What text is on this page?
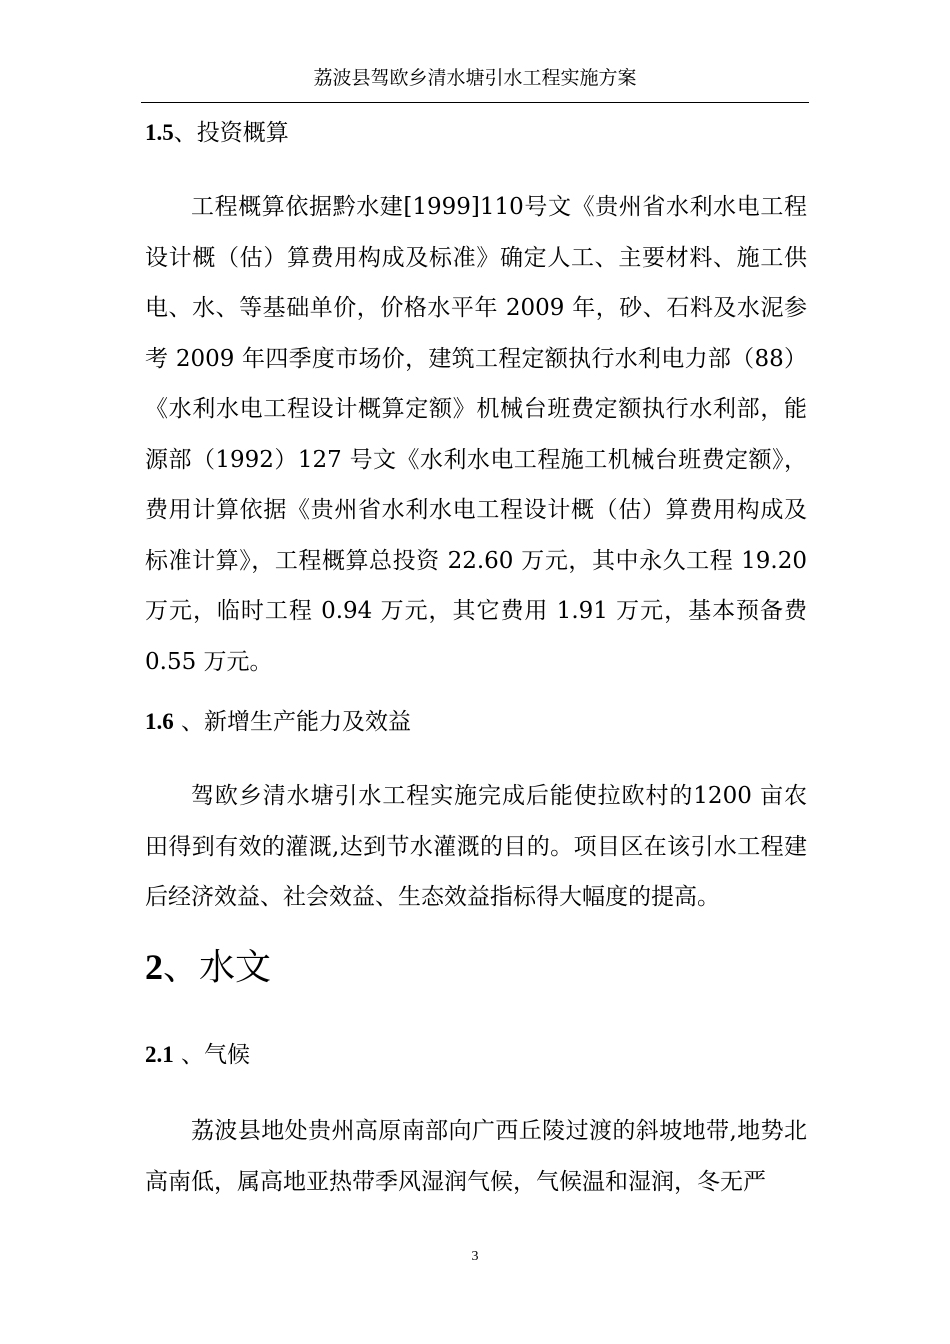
荔波县驾欧乡清水塘引水工程实施方案
1.5、投资概算
工程概算依据黔水建[1999]110号文《贵州省水利水电工程设计概（估）算费用构成及标准》确定人工、主要材料、施工供电、水、等基础单价，价格水平年 2009 年，砂、石料及水泥参考 2009 年四季度市场价，建筑工程定额执行水利电力部（88）《水利水电工程设计概算定额》机械台班费定额执行水利部，能源部（1992）127 号文《水利水电工程施工机械台班费定额》，费用计算依据《贵州省水利水电工程设计概（估）算费用构成及标准计算》，工程概算总投资 22.60 万元，其中永久工程 19.20 万元，临时工程 0.94 万元，其它费用 1.91 万元，基本预备费 0.55 万元。
1.6 、新增生产能力及效益
驾欧乡清水塘引水工程实施完成后能使拉欧村的1200 亩农田得到有效的灌溉,达到节水灌溉的目的。项目区在该引水工程建后经济效益、社会效益、生态效益指标得大幅度的提高。
2、水文
2.1 、气候
荔波县地处贵州高原南部向广西丘陵过渡的斜坡地带,地势北高南低，属高地亚热带季风湿润气候，气候温和湿润，冬无严
3
